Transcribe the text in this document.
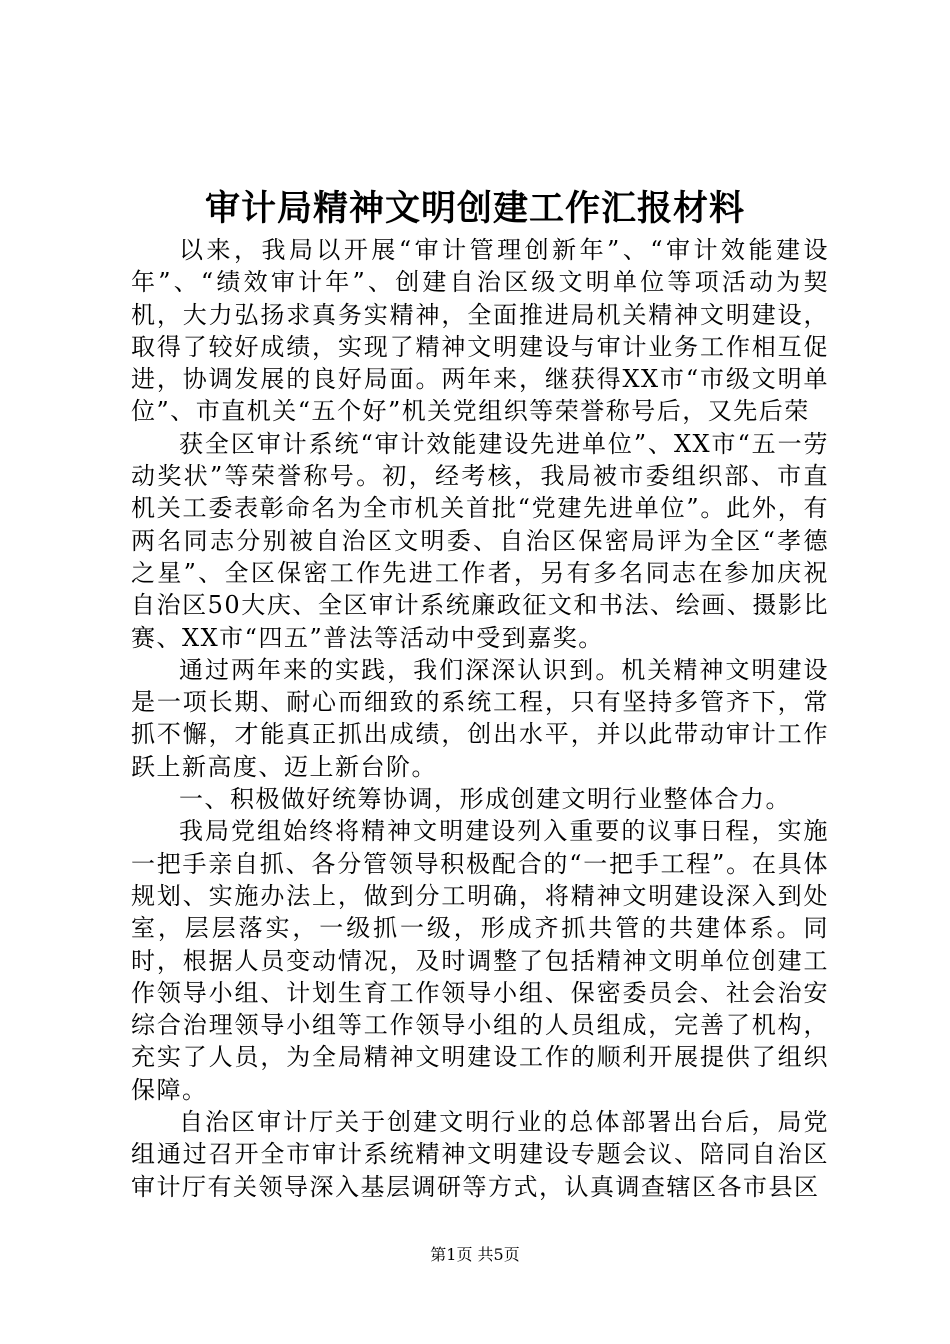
审计局精神文明创建工作汇报材料

以来，我局以开展“审计管理创新年”、“审计效能建设年”、“绩效审计年”、创建自治区级文明单位等项活动为契机，大力弘扬求真务实精神，全面推进局机关精神文明建设，取得了较好成绩，实现了精神文明建设与审计业务工作相互促进，协调发展的良好局面。两年来，继获得XX市“市级文明单位”、市直机关“五个好”机关党组织等荣誉称号后，又先后荣

获全区审计系统“审计效能建设先进单位”、XX市“五一劳动奖状”等荣誉称号。初，经考核，我局被市委组织部、市直机关工委表彰命名为全市机关首批“党建先进单位”。此外，有两名同志分别被自治区文明委、自治区保密局评为全区“孝德之星”、全区保密工作先进工作者，另有多名同志在参加庆祝自治区50大庆、全区审计系统廉政征文和书法、绘画、摄影比赛、XX市“四五”普法等活动中受到嘉奖。

通过两年来的实践，我们深深认识到。机关精神文明建设是一项长期、耐心而细致的系统工程，只有坚持多管齐下，常抓不懈，才能真正抓出成绩，创出水平，并以此带动审计工作跃上新高度、迈上新台阶。

一、积极做好统筹协调，形成创建文明行业整体合力。

我局党组始终将精神文明建设列入重要的议事日程，实施一把手亲自抓、各分管领导积极配合的“一把手工程”。在具体规划、实施办法上，做到分工明确，将精神文明建设深入到处室，层层落实，一级抓一级，形成齐抓共管的共建体系。同时，根据人员变动情况，及时调整了包括精神文明单位创建工作领导小组、计划生育工作领导小组、保密委员会、社会治安综合治理领导小组等工作领导小组的人员组成，完善了机构，充实了人员，为全局精神文明建设工作的顺利开展提供了组织保障。

自治区审计厅关于创建文明行业的总体部署出台后，局党组通过召开全市审计系统精神文明建设专题会议、陪同自治区审计厅有关领导深入基层调研等方式，认真调查辖区各市县区

第1页 共5页
